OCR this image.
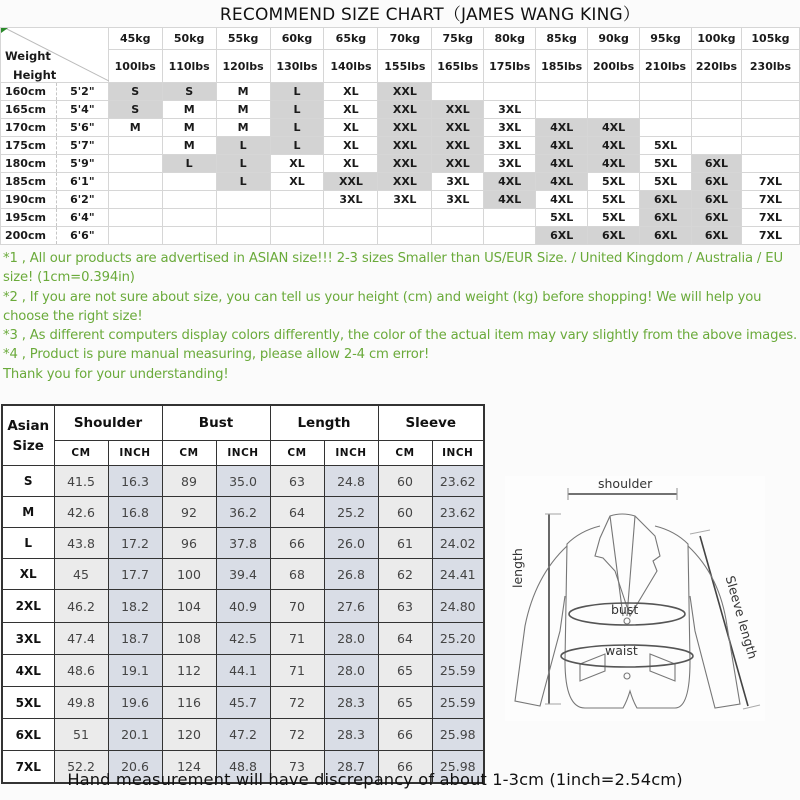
RECOMMEND SIZE CHART（JAMES WANG KING）
Weight
Height		45kg	50kg	55kg	60kg	65kg	70kg	75kg	80kg	85kg	90kg	95kg	100kg	105kg
		100lbs	110lbs	120lbs	130lbs	140lbs	155lbs	165lbs	175lbs	185lbs	200lbs	210lbs	220lbs	230lbs
160cm	5'2"	S	S	M	L	XL	XXL							
165cm	5'4"	S	M	M	L	XL	XXL	XXL	3XL					
170cm	5'6"	M	M	M	L	XL	XXL	XXL	3XL	4XL	4XL			
175cm	5'7"		M	L	L	XL	XXL	XXL	3XL	4XL	4XL	5XL		
180cm	5'9"		L	L	XL	XL	XXL	XXL	3XL	4XL	4XL	5XL	6XL	
185cm	6'1"			L	XL	XXL	XXL	3XL	4XL	4XL	5XL	5XL	6XL	7XL
190cm	6'2"					3XL	3XL	3XL	4XL	4XL	5XL	6XL	6XL	7XL
195cm	6'4"									5XL	5XL	6XL	6XL	7XL
200cm	6'6"									6XL	6XL	6XL	6XL	7XL

*1 , All our products are advertised in ASIAN size!!! 2-3 sizes Smaller than US/EUR Size. / United Kingdom / Australia / EU size! (1cm=0.394in)

*2 , If you are not sure about size, you can tell us your height (cm) and weight (kg) before shopping! We will help you choose the right size!

*3 , As different computers display colors differently, the color of the actual item may vary slightly from the above images.

*4 , Product is pure manual measuring, please allow 2-4 cm error!

Thank you for your understanding!

Asian Size	Shoulder		Bust		Length		Sleeve	
	CM	INCH	CM	INCH	CM	INCH	CM	INCH
S	41.5	16.3	89	35.0	63	24.8	60	23.62
M	42.6	16.8	92	36.2	64	25.2	60	23.62
L	43.8	17.2	96	37.8	66	26.0	61	24.02
XL	45	17.7	100	39.4	68	26.8	62	24.41
2XL	46.2	18.2	104	40.9	70	27.6	63	24.80
3XL	47.4	18.7	108	42.5	71	28.0	64	25.20
4XL	48.6	19.1	112	44.1	71	28.0	65	25.59
5XL	49.8	19.6	116	45.7	72	28.3	65	25.59
6XL	51	20.1	120	47.2	72	28.3	66	25.98
7XL	52.2	20.6	124	48.8	73	28.7	66	25.98
shoulder
length
bust
waist	Sleeve length
Hand measurement will have discrepancy of about 1-3cm (1inch=2.54cm)
